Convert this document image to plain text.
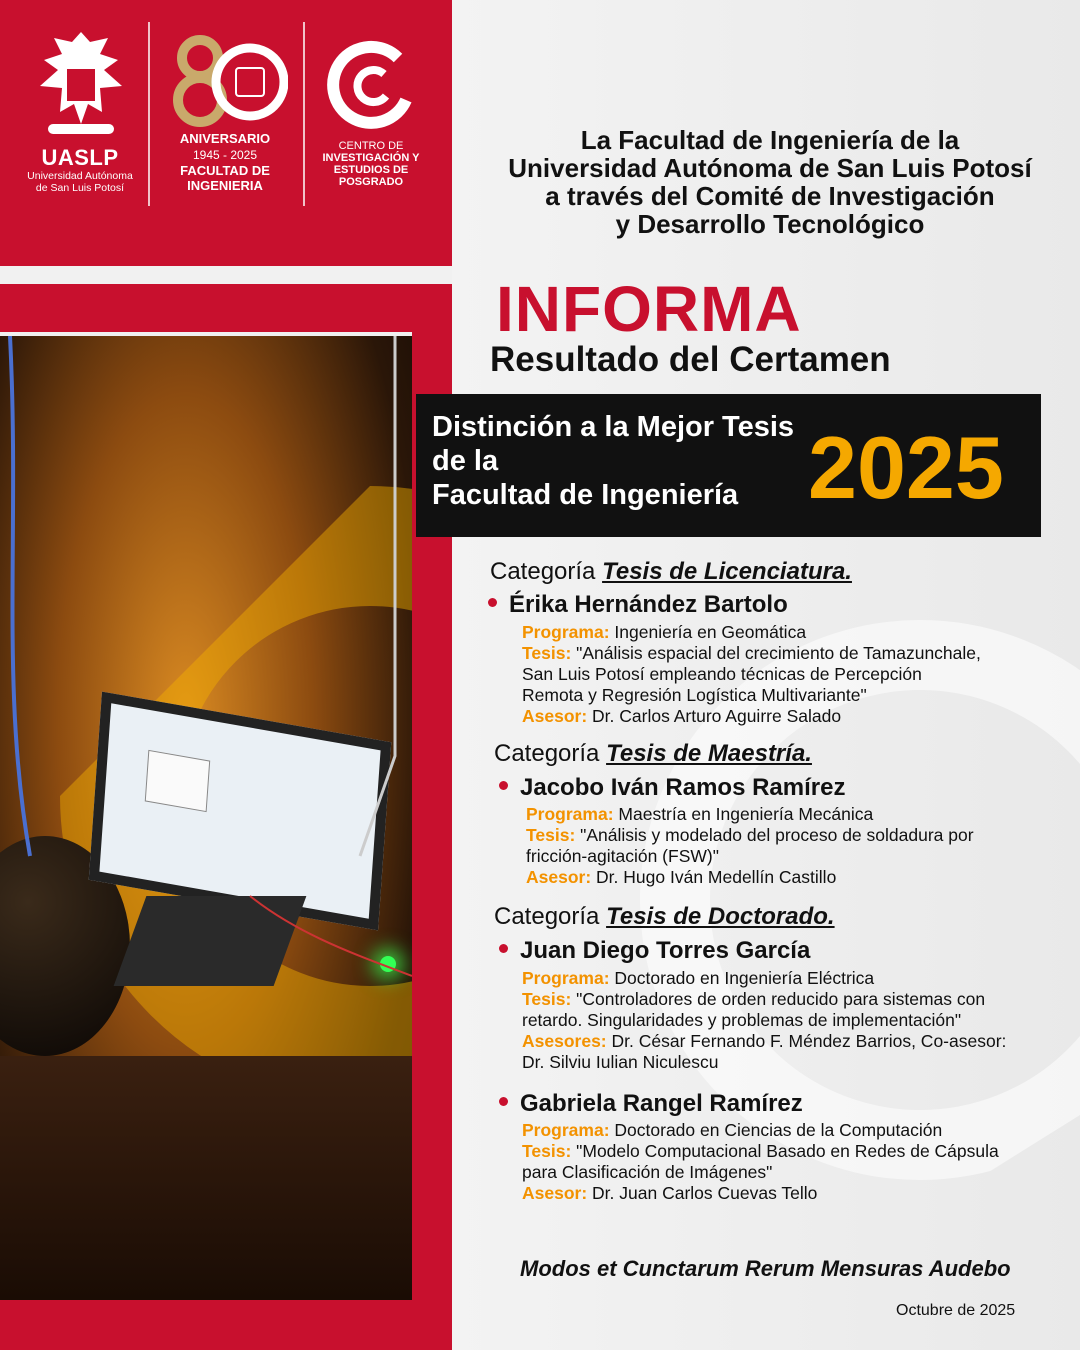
UASLP
Universidad Autónoma de San Luis Potosí
ANIVERSARIO
1945 - 2025
FACULTAD DE INGENIERIA
CENTRO DE
INVESTIGACIÓN Y ESTUDIOS DE POSGRADO
La Facultad de Ingeniería de la
Universidad Autónoma de San Luis Potosí
a través del Comité de Investigación
y Desarrollo Tecnológico
INFORMA
Resultado del Certamen
Distinción a la Mejor Tesis
de la
Facultad de Ingeniería 2025
Categoría Tesis de Licenciatura.
Érika Hernández Bartolo
Programa: Ingeniería en Geomática
Tesis: "Análisis espacial del crecimiento de Tamazunchale,
San Luis Potosí empleando técnicas de Percepción
Remota y Regresión Logística Multivariante"
Asesor: Dr. Carlos Arturo Aguirre Salado
Categoría Tesis de Maestría.
Jacobo Iván Ramos Ramírez
Programa: Maestría en Ingeniería Mecánica
Tesis: "Análisis y modelado del proceso de soldadura por
fricción-agitación (FSW)"
Asesor: Dr. Hugo Iván Medellín Castillo
Categoría Tesis de Doctorado.
Juan Diego Torres García
Programa: Doctorado en Ingeniería Eléctrica
Tesis: "Controladores de orden reducido para sistemas con
retardo. Singularidades y problemas de implementación"
Asesores: Dr. César Fernando F. Méndez Barrios, Co-asesor:
Dr. Silviu Iulian Niculescu
Gabriela Rangel Ramírez
Programa: Doctorado en Ciencias de la Computación
Tesis: "Modelo Computacional Basado en Redes de Cápsula
para Clasificación de Imágenes"
Asesor: Dr. Juan Carlos Cuevas Tello
Modos et Cunctarum Rerum Mensuras Audebo
Octubre de 2025
